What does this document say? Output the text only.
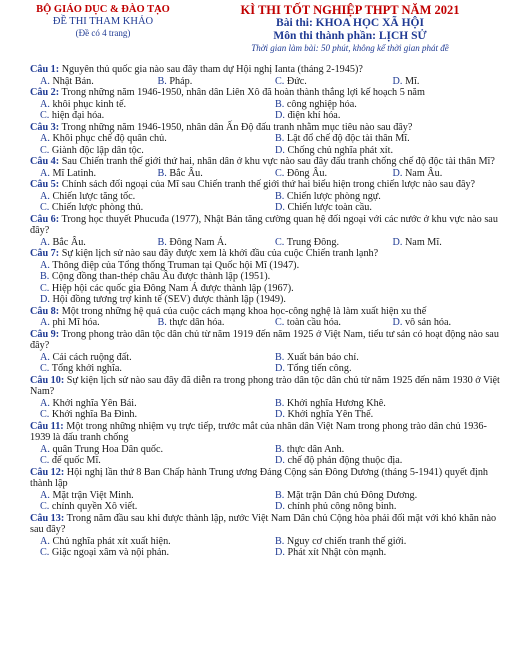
BỘ GIÁO DỤC & ĐÀO TẠO
ĐỀ THI THAM KHẢO
(Đề có 4 trang)
KÌ THI TỐT NGHIỆP THPT NĂM 2021
Bài thi: KHOA HỌC XÃ HỘI
Môn thi thành phần: LỊCH SỬ
Thời gian làm bài: 50 phút, không kể thời gian phát đề

Câu 1: Nguyên thủ quốc gia nào sau đây tham dự Hội nghị Ianta (tháng 2-1945)?

A. Nhật Bản.	B. Pháp.	C. Đức.	D. Mĩ.

Câu 2: Trong những năm 1946-1950, nhân dân Liên Xô đã hoàn thành thắng lợi kế hoạch 5 năm

A. khôi phục kinh tế.	B. công nghiệp hóa.
C. hiện đại hóa.	D. điện khí hóa.

Câu 3: Trong những năm 1946-1950, nhân dân Ấn Độ đấu tranh nhằm mục tiêu nào sau đây?

A. Khôi phục chế độ quân chủ.	B. Lật đổ chế độ độc tài thân Mĩ.
C. Giành độc lập dân tộc.	D. Chống chủ nghĩa phát xít.

Câu 4: Sau Chiến tranh thế giới thứ hai, nhân dân ở khu vực nào sau đây đấu tranh chống chế độ độc tài thân Mĩ?

A. Mĩ Latinh.	B. Bắc Âu.	C. Đông Âu.	D. Nam Âu.

Câu 5: Chính sách đối ngoại của Mĩ sau Chiến tranh thế giới thứ hai biểu hiện trong chiến lược nào sau đây?

A. Chiến lược tăng tốc.	B. Chiến lược phòng ngự.
C. Chiến lược phòng thủ.	D. Chiến lược toàn cầu.

Câu 6: Trong học thuyết Phucuđa (1977), Nhật Bản tăng cường quan hệ đối ngoại với các nước ở khu vực nào sau đây?

A. Bắc Âu.	B. Đông Nam Á.	C. Trung Đông.	D. Nam Mĩ.

Câu 7: Sự kiện lịch sử nào sau đây được xem là khởi đầu của cuộc Chiến tranh lạnh?

A. Thông điệp của Tổng thống Truman tại Quốc hội Mĩ (1947).
B. Cộng đồng than-thép châu Âu được thành lập (1951).
C. Hiệp hội các quốc gia Đông Nam Á được thành lập (1967).
D. Hội đồng tương trợ kinh tế (SEV) được thành lập (1949).

Câu 8: Một trong những hệ quả của cuộc cách mạng khoa học-công nghệ là làm xuất hiện xu thế

A. phi Mĩ hóa.	B. thực dân hóa.	C. toàn cầu hóa.	D. vô sản hóa.

Câu 9: Trong phong trào dân tộc dân chủ từ năm 1919 đến năm 1925 ở Việt Nam, tiểu tư sản có hoạt động nào sau đây?

A. Cải cách ruộng đất.	B. Xuất bản báo chí.
C. Tổng khởi nghĩa.	D. Tổng tiến công.

Câu 10: Sự kiện lịch sử nào sau đây đã diễn ra trong phong trào dân tộc dân chủ từ năm 1925 đến năm 1930 ở Việt Nam?

A. Khởi nghĩa Yên Bái.	B. Khởi nghĩa Hương Khê.
C. Khởi nghĩa Ba Đình.	D. Khởi nghĩa Yên Thế.

Câu 11: Một trong những nhiệm vụ trực tiếp, trước mắt của nhân dân Việt Nam trong phong trào dân chủ 1936-1939 là đấu tranh chống

A. quân Trung Hoa Dân quốc.	B. thực dân Anh.
C. đế quốc Mĩ.	D. chế độ phản động thuộc địa.

Câu 12: Hội nghị lần thứ 8 Ban Chấp hành Trung ương Đảng Cộng sản Đông Dương (tháng 5-1941) quyết định thành lập

A. Mặt trận Việt Minh.	B. Mặt trận Dân chủ Đông Dương.
C. chính quyền Xô viết.	D. chính phủ công nông binh.

Câu 13: Trong năm đầu sau khi được thành lập, nước Việt Nam Dân chủ Cộng hòa phải đối mặt với khó khăn nào sau đây?

A. Chủ nghĩa phát xít xuất hiện.	B. Nguy cơ chiến tranh thế giới.
C. Giặc ngoại xâm và nội phản.	D. Phát xít Nhật còn mạnh.
